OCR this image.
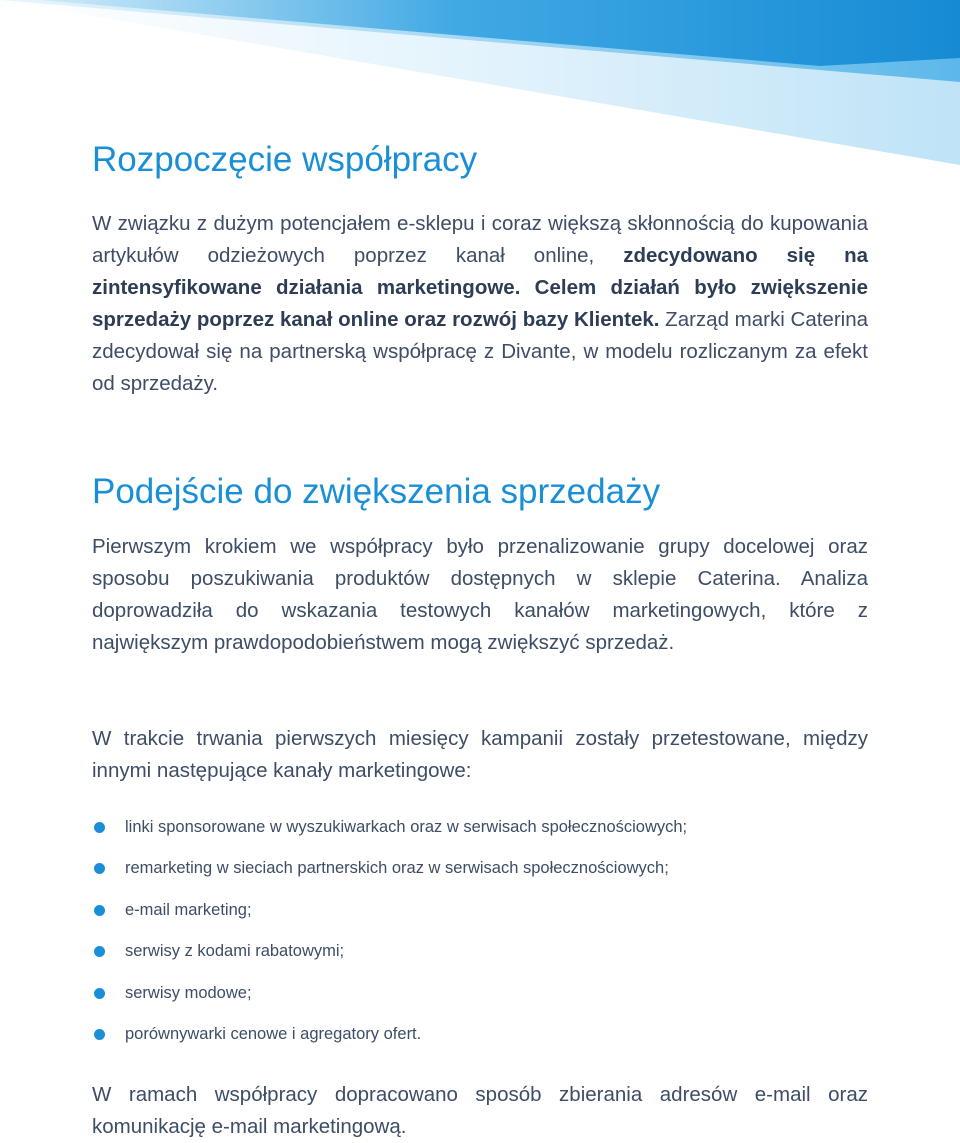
Rozpoczęcie współpracy

W związku z dużym potencjałem e-sklepu i coraz większą skłonnością do kupowania artykułów odzieżowych poprzez kanał online, zdecydowano się na zintensyfikowane działania marketingowe. Celem działań było zwiększenie sprzedaży poprzez kanał online oraz rozwój bazy Klientek. Zarząd marki Caterina zdecydował się na partnerską współpracę z Divante, w modelu rozliczanym za efekt od sprzedaży.

Podejście do zwiększenia sprzedaży

Pierwszym krokiem we współpracy było przenalizowanie grupy docelowej oraz sposobu poszukiwania produktów dostępnych w sklepie Caterina. Analiza doprowadziła do wskazania testowych kanałów marketingowych, które z największym prawdopodobieństwem mogą zwiększyć sprzedaż.

W trakcie trwania pierwszych miesięcy kampanii zostały przetestowane, między innymi następujące kanały marketingowe:

linki sponsorowane w wyszukiwarkach oraz w serwisach społecznościowych;
remarketing w sieciach partnerskich oraz w serwisach społecznościowych;
e-mail marketing;
serwisy z kodami rabatowymi;
serwisy modowe;
porównywarki cenowe i agregatory ofert.

W ramach współpracy dopracowano sposób zbierania adresów e-mail oraz komunikację e-mail marketingową.
